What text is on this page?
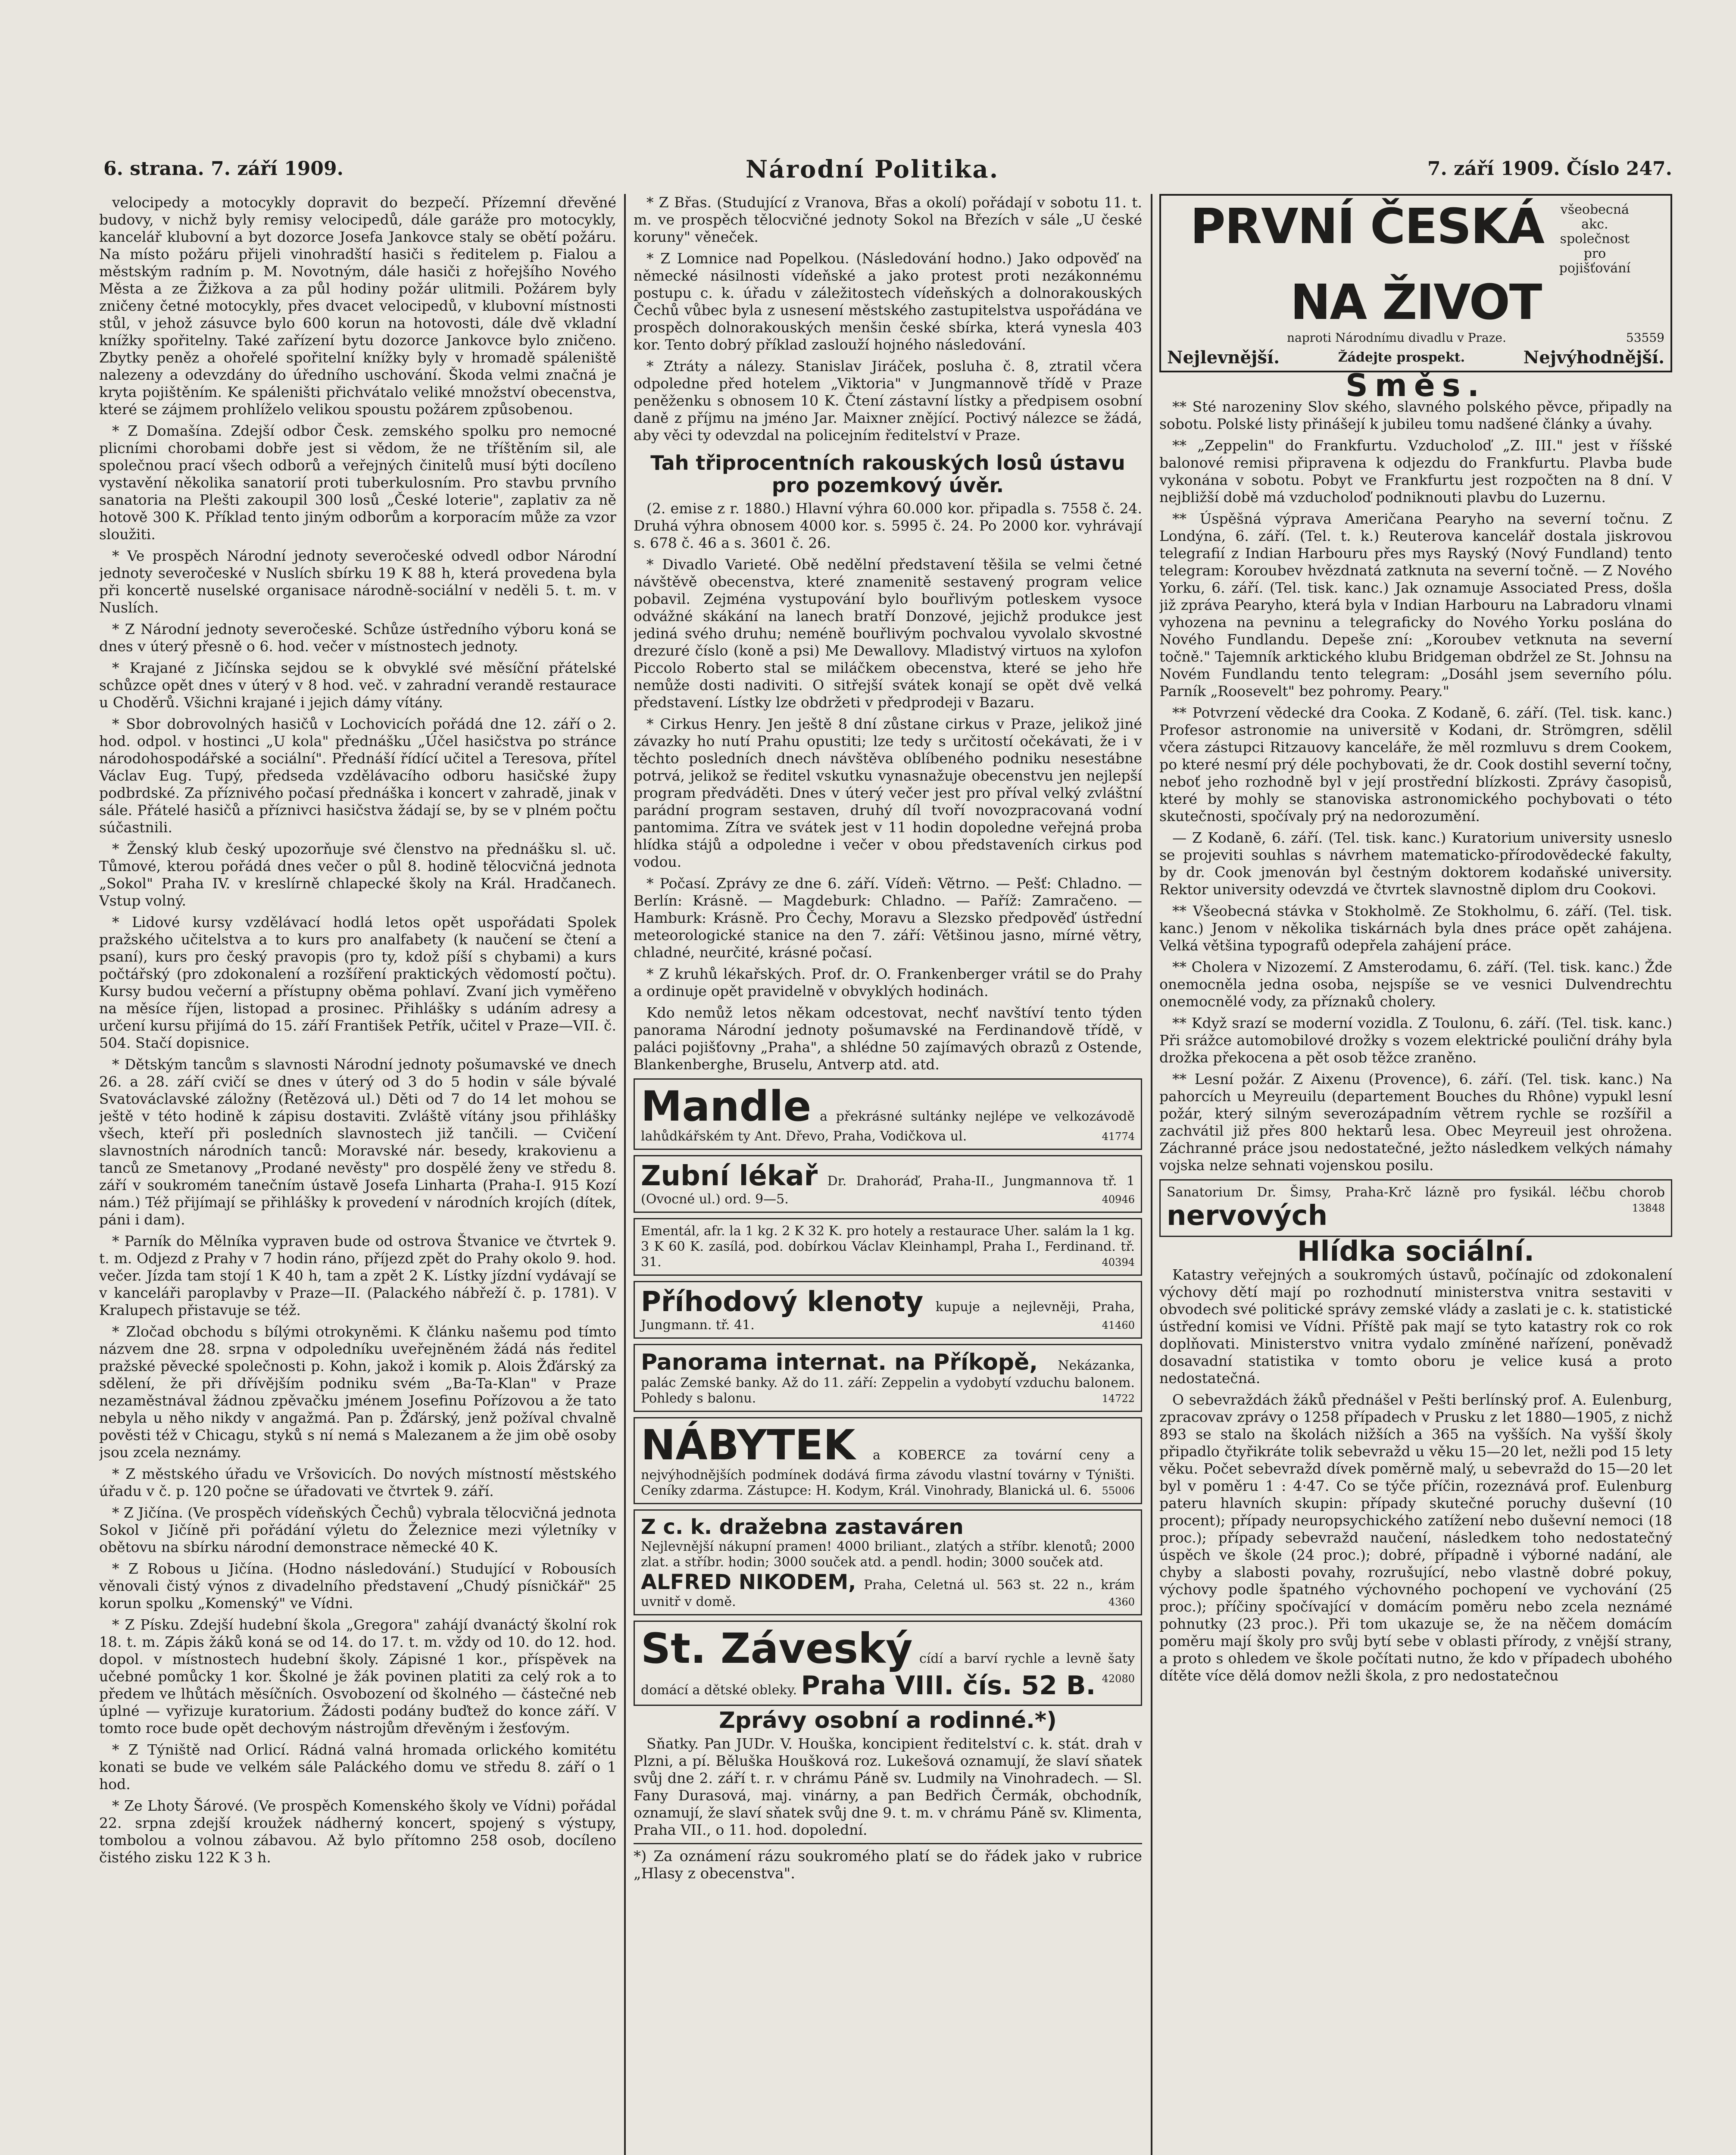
6. strana. 7. září 1909.	Národní Politika.	7. září 1909. Číslo 247.

velocipedy a motocykly dopravit do bezpečí. Přízemní dřevěné budovy, v nichž byly remisy velocipedů, dále garáže pro motocykly, kancelář klubovní a byt dozorce Josefa Jankovce staly se obětí požáru. Na místo požáru přijeli vinohradští hasiči s ředitelem p. Fialou a městským radním p. M. Novotným, dále hasiči z hořejšího Nového Města a ze Žižkova a za půl hodiny požár ulitmili. Požárem byly zničeny četné motocykly, přes dvacet velocipedů, v klubovní místnosti stůl, v jehož zásuvce bylo 600 korun na hotovosti, dále dvě vkladní knížky spořitelny. Také zařízení bytu dozorce Jankovce bylo zničeno. Zbytky peněz a ohořelé spořitelní knížky byly v hromadě spáleniště nalezeny a odevzdány do úředního uschování. Škoda velmi značná je kryta pojištěním. Ke spáleništi přichvátalo veliké množství obecenstva, které se zájmem prohlíželo velikou spoustu požárem způsobenou.

* Z Domašína. Zdejší odbor Česk. zemského spolku pro nemocné plicními chorobami dobře jest si vědom, že ne tříštěním sil, ale společnou prací všech odborů a veřejných činitelů musí býti docíleno vystavění několika sanatorií proti tuberkulosním. Pro stavbu prvního sanatoria na Plešti zakoupil 300 losů „České loterie", zaplativ za ně hotově 300 K. Příklad tento jiným odborům a korporacím může za vzor sloužiti.

* Ve prospěch Národní jednoty severočeské odvedl odbor Národní jednoty severočeské v Nuslích sbírku 19 K 88 h, která provedena byla při koncertě nuselské organisace národně-sociální v neděli 5. t. m. v Nuslích.

* Z Národní jednoty severočeské. Schůze ústředního výboru koná se dnes v úterý přesně o 6. hod. večer v místnostech jednoty.

* Krajané z Jičínska sejdou se k obvyklé své měsíční přátelské schůzce opět dnes v úterý v 8 hod. več. v zahradní verandě restaurace u Choděrů. Všichni krajané i jejich dámy vítány.

* Sbor dobrovolných hasičů v Lochovicích pořádá dne 12. září o 2. hod. odpol. v hostinci „U kola" přednášku „Účel hasičstva po stránce národohospodářské a sociální". Přednáší řídící učitel a Teresova, přítel Václav Eug. Tupý, předseda vzdělávacího odboru hasičské župy podbrdské. Za příznivého počasí přednáška i koncert v zahradě, jinak v sále. Přátelé hasičů a příznivci hasičstva žádají se, by se v plném počtu súčastnili.

* Ženský klub český upozorňuje své členstvo na přednášku sl. uč. Tůmové, kterou pořádá dnes večer o půl 8. hodině tělocvičná jednota „Sokol" Praha IV. v kreslírně chlapecké školy na Král. Hradčanech. Vstup volný.

* Lidové kursy vzdělávací hodlá letos opět uspořádati Spolek pražského učitelstva a to kurs pro analfabety (k naučení se čtení a psaní), kurs pro český pravopis (pro ty, kdož píší s chybami) a kurs počtářský (pro zdokonalení a rozšíření praktických vědomostí počtu). Kursy budou večerní a přístupny oběma pohlaví. Zvaní jich vyměřeno na měsíce říjen, listopad a prosinec. Přihlášky s udáním adresy a určení kursu přijímá do 15. září František Petřík, učitel v Praze—VII. č. 504. Stačí dopisnice.

* Dětským tancům s slavnosti Národní jednoty pošumavské ve dnech 26. a 28. září cvičí se dnes v úterý od 3 do 5 hodin v sále bývalé Svatováclavské záložny (Řetězová ul.) Děti od 7 do 14 let mohou se ještě v této hodině k zápisu dostaviti. Zvláště vítány jsou přihlášky všech, kteří při posledních slavnostech již tančili. — Cvičení slavnostních národních tanců: Moravské nár. besedy, krakovienu a tanců ze Smetanovy „Prodané nevěsty" pro dospělé ženy ve středu 8. září v soukromém tanečním ústavě Josefa Linharta (Praha-I. 915 Kozí nám.) Též přijímají se přihlášky k provedení v národních krojích (dítek, páni i dam).

* Parník do Mělníka vypraven bude od ostrova Štvanice ve čtvrtek 9. t. m. Odjezd z Prahy v 7 hodin ráno, příjezd zpět do Prahy okolo 9. hod. večer. Jízda tam stojí 1 K 40 h, tam a zpět 2 K. Lístky jízdní vydávají se v kanceláři paroplavby v Praze—II. (Palackého nábřeží č. p. 1781). V Kralupech přistavuje se též.

* Zločad obchodu s bílými otrokyněmi. K článku našemu pod tímto názvem dne 28. srpna v odpoledníku uveřejněném žádá nás ředitel pražské pěvecké společnosti p. Kohn, jakož i komik p. Alois Žďárský za sdělení, že při dřívějším podniku svém „Ba-Ta-Klan" v Praze nezaměstnával žádnou zpěvačku jménem Josefinu Pořízovou a že tato nebyla u něho nikdy v angažmá. Pan p. Žďárský, jenž požíval chvalně pověsti též v Chicagu, styků s ní nemá s Malezanem a že jim obě osoby jsou zcela neznámy.

* Z městského úřadu ve Vršovicích. Do nových místností městského úřadu v č. p. 120 počne se úřadovati ve čtvrtek 9. září.

* Z Jičína. (Ve prospěch vídeňských Čechů) vybrala tělocvičná jednota Sokol v Jičíně při pořádání výletu do Železnice mezi výletníky v obětovu na sbírku národní demonstrace německé 40 K.

* Z Robous u Jičína. (Hodno následování.) Studující v Robousích věnovali čistý výnos z divadelního představení „Chudý písničkář" 25 korun spolku „Komenský" ve Vídni.

* Z Písku. Zdejší hudební škola „Gregora" zahájí dvanáctý školní rok 18. t. m. Zápis žáků koná se od 14. do 17. t. m. vždy od 10. do 12. hod. dopol. v místnostech hudební školy. Zápisné 1 kor., příspěvek na učebné pomůcky 1 kor. Školné je žák povinen platiti za celý rok a to předem ve lhůtách měsíčních. Osvobození od školného — částečné neb úplné — vyřizuje kuratorium. Žádosti podány buďtež do konce září. V tomto roce bude opět dechovým nástrojům dřevěným i žesťovým.

* Z Týniště nad Orlicí. Rádná valná hromada orlického komitétu konati se bude ve velkém sále Paláckého domu ve středu 8. září o 1 hod.

* Ze Lhoty Šárové. (Ve prospěch Komenského školy ve Vídni) pořádal 22. srpna zdejší kroužek nádherný koncert, spojený s výstupy, tombolou a volnou zábavou. Až bylo přítomno 258 osob, docíleno čistého zisku 122 K 3 h.

* Z Břas. (Studující z Vranova, Břas a okolí) pořádají v sobotu 11. t. m. ve prospěch tělocvičné jednoty Sokol na Březích v sále „U české koruny" věneček.

* Z Lomnice nad Popelkou. (Následování hodno.) Jako odpověď na německé násilnosti vídeňské a jako protest proti nezákonnému postupu c. k. úřadu v záležitostech vídeňských a dolnorakouských Čechů vůbec byla z usnesení městského zastupitelstva uspořádána ve prospěch dolnorakouských menšin české sbírka, která vynesla 403 kor. Tento dobrý příklad zaslouží hojného následování.

* Ztráty a nálezy. Stanislav Jiráček, posluha č. 8, ztratil včera odpoledne před hotelem „Viktoria" v Jungmannově třídě v Praze peněženku s obnosem 10 K. Čtení zástavní lístky a předpisem osobní daně z příjmu na jméno Jar. Maixner znějící. Poctivý nálezce se žádá, aby věci ty odevzdal na policejním ředitelství v Praze.

Tah třiprocentních rakouských losů ústavu pro pozemkový úvěr.

(2. emise z r. 1880.) Hlavní výhra 60.000 kor. připadla s. 7558 č. 24. Druhá výhra obnosem 4000 kor. s. 5995 č. 24. Po 2000 kor. vyhrávají s. 678 č. 46 a s. 3601 č. 26.

* Divadlo Varieté. Obě nedělní představení těšila se velmi četné návštěvě obecenstva, které znamenitě sestavený program velice pobavil. Zejména vystupování bylo bouřlivým potleskem vysoce odvážné skákání na lanech bratří Donzové, jejichž produkce jest jediná svého druhu; neméně bouřlivým pochvalou vyvolalo skvostné drezuré číslo (koně a psi) Me Dewallovy. Mladistvý virtuos na xylofon Piccolo Roberto stal se miláčkem obecenstva, které se jeho hře nemůže dosti nadiviti. O sitřejší svátek konají se opět dvě velká představení. Lístky lze obdržeti v předprodeji v Bazaru.

* Cirkus Henry. Jen ještě 8 dní zůstane cirkus v Praze, jelikož jiné závazky ho nutí Prahu opustiti; lze tedy s určitostí očekávati, že i v těchto posledních dnech návštěva oblíbeného podniku nesestábne potrvá, jelikož se ředitel vskutku vynasnažuje obecenstvu jen nejlepší program předváděti. Dnes v úterý večer jest pro příval velký zvláštní parádní program sestaven, druhý díl tvoří novozpracovaná vodní pantomima. Zítra ve svátek jest v 11 hodin dopoledne veřejná proba hlídka stájů a odpoledne i večer v obou představeních cirkus pod vodou.

* Počasí. Zprávy ze dne 6. září. Vídeň: Větrno. — Pešť: Chladno. — Berlín: Krásně. — Magdeburk: Chladno. — Paříž: Zamračeno. — Hamburk: Krásně. Pro Čechy, Moravu a Slezsko předpověď ústřední meteorologické stanice na den 7. září: Většinou jasno, mírné větry, chladné, neurčité, krásné počasí.

* Z kruhů lékařských. Prof. dr. O. Frankenberger vrátil se do Prahy a ordinuje opět pravidelně v obvyklých hodinách.

Kdo nemůž letos někam odcestovat, nechť navštíví tento týden panorama Národní jednoty pošumavské na Ferdinandově třídě, v paláci pojišťovny „Praha", a shlédne 50 zajímavých obrazů z Ostende, Blankenberghe, Bruselu, Antverp atd. atd.

Mandle a překrásné sultánky nejlépe ve velkozávodě lahůdkářském ty Ant. Dřevo, Praha, Vodičkova ul.	41774
Zubní lékař Dr. Drahoráď, Praha-II., Jungmannova tř. 1 (Ovocné ul.) ord. 9—5.	40946
Ementál, afr. la 1 kg. 2 K 32 K. pro hotely a restaurace Uher. salám la 1 kg. 3 K 60 K. zasílá, pod. dobírkou Václav Kleinhampl, Praha I., Ferdinand. tř. 31.	40394
Příhodový klenoty kupuje a nejlevněji, Praha, Jungmann. tř. 41.	41460
Panorama internat. na Příkopě, Nekázanka, palác Zemské banky. Až do 11. září: Zeppelin a vydobytí vzduchu balonem. Pohledy s balonu.	14722
NÁBYTEK a KOBERCE za tovární ceny a nejvýhodnějších podmínek dodává firma závodu vlastní továrny v Týništi. Ceníky zdarma. Zástupce: H. Kodym, Král. Vinohrady, Blanická ul. 6. 55006
Z c. k. dražebna zastaváren
Nejlevnější nákupní pramen! 4000 briliant., zlatých a stříbr. klenotů; 2000 zlat. a stříbr. hodin; 3000 souček atd. a pendl. hodin; 3000 souček atd.
ALFRED NIKODEM, Praha, Celetná ul. 563 st. 22 n., krám uvnitř v domě.	4360
St. Záveský cídí a barví rychle a levně šaty domácí a dětské obleky. Praha VIII. čís. 52 B. 42080
Zprávy osobní a rodinné.*)

Sňatky. Pan JUDr. V. Houška, koncipient ředitelství c. k. stát. drah v Plzni, a pí. Běluška Houšková roz. Lukešová oznamují, že slaví sňatek svůj dne 2. září t. r. v chrámu Páně sv. Ludmily na Vinohradech. — Sl. Fany Durasová, maj. vinárny, a pan Bedřich Čermák, obchodník, oznamují, že slaví sňatek svůj dne 9. t. m. v chrámu Páně sv. Klimenta, Praha VII., o 11. hod. dopolední.

*) Za oznámení rázu soukromého platí se do řádek jako v rubrice „Hlasy z obecenstva".
PRVNÍ ČESKÁ všeobecná akc. společnost pro pojišťování NA ŽIVOT
naproti Národnímu divadlu v Praze.	53559
Nejlevnější.	Žádejte prospekt.	Nejvýhodnější.
Směs.

** Sté narozeniny Slov ského, slavného polského pěvce, připadly na sobotu. Polské listy přinášejí k jubileu tomu nadšené články a úvahy.

** „Zeppelin" do Frankfurtu. Vzducholoď „Z. III." jest v říšské balonové remisi připravena k odjezdu do Frankfurtu. Plavba bude vykonána v sobotu. Pobyt ve Frankfurtu jest rozpočten na 8 dní. V nejbližší době má vzducholoď podniknouti plavbu do Luzernu.

** Úspěšná výprava Američana Pearyho na severní točnu. Z Londýna, 6. září. (Tel. t. k.) Reuterova kancelář dostala jiskrovou telegrafií z Indian Harbouru přes mys Rayský (Nový Fundland) tento telegram: Koroubev hvězdnatá zatknuta na severní točně. — Z Nového Yorku, 6. září. (Tel. tisk. kanc.) Jak oznamuje Associated Press, došla již zpráva Pearyho, která byla v Indian Harbouru na Labradoru vlnami vyhozena na pevninu a telegraficky do Nového Yorku poslána do Nového Fundlandu. Depeše zní: „Koroubev vetknuta na severní točně." Tajemník arktického klubu Bridgeman obdržel ze St. Johnsu na Novém Fundlandu tento telegram: „Dosáhl jsem severního pólu. Parník „Roosevelt" bez pohromy. Peary."

** Potvrzení vědecké dra Cooka. Z Kodaně, 6. září. (Tel. tisk. kanc.) Profesor astronomie na universitě v Kodani, dr. Strömgren, sdělil včera zástupci Ritzauovy kanceláře, že měl rozmluvu s drem Cookem, po které nesmí prý déle pochybovati, že dr. Cook dostihl severní točny, neboť jeho rozhodně byl v její prostřední blízkosti. Zprávy časopisů, které by mohly se stanoviska astronomického pochybovati o této skutečnosti, spočívaly prý na nedorozumění.

— Z Kodaně, 6. září. (Tel. tisk. kanc.) Kuratorium university usneslo se projeviti souhlas s návrhem matematicko-přírodovědecké fakulty, by dr. Cook jmenován byl čestným doktorem kodaňské university. Rektor university odevzdá ve čtvrtek slavnostně diplom dru Cookovi.

** Všeobecná stávka v Stokholmě. Ze Stokholmu, 6. září. (Tel. tisk. kanc.) Jenom v několika tiskárnách byla dnes práce opět zahájena. Velká většina typografů odepřela zahájení práce.

** Cholera v Nizozemí. Z Amsterodamu, 6. září. (Tel. tisk. kanc.) Žde onemocněla jedna osoba, nejspíše se ve vesnici Dulvendrechtu onemocnělé vody, za příznaků cholery.

** Když srazí se moderní vozidla. Z Toulonu, 6. září. (Tel. tisk. kanc.) Při srážce automobilové drožky s vozem elektrické pouliční dráhy byla drožka překocena a pět osob těžce zraněno.

** Lesní požár. Z Aixenu (Provence), 6. září. (Tel. tisk. kanc.) Na pahorcích u Meyreuilu (departement Bouches du Rhône) vypukl lesní požár, který silným severozápadním větrem rychle se rozšířil a zachvátil již přes 800 hektarů lesa. Obec Meyreuil jest ohrožena. Záchranné práce jsou nedostatečné, ježto následkem velkých námahy vojska nelze sehnati vojenskou posilu.

Sanatorium Dr. Šimsy, Praha-Krč lázně pro fysikál. léčbu chorob nervových	13848
Hlídka sociální.

Katastry veřejných a soukromých ústavů, počínajíc od zdokonalení výchovy dětí mají po rozhodnutí ministerstva vnitra sestaviti v obvodech své politické správy zemské vlády a zaslati je c. k. statistické ústřední komisi ve Vídni. Příště pak mají se tyto katastry rok co rok doplňovati. Ministerstvo vnitra vydalo zmíněné nařízení, poněvadž dosavadní statistika v tomto oboru je velice kusá a proto nedostatečná.

O sebevraždách žáků přednášel v Pešti berlínský prof. A. Eulenburg, zpracovav zprávy o 1258 případech v Prusku z let 1880—1905, z nichž 893 se stalo na školách nižších a 365 na vyšších. Na vyšší školy připadlo čtyřikráte tolik sebevražd u věku 15—20 let, nežli pod 15 lety věku. Počet sebevražd dívek poměrně malý, u sebevražd do 15—20 let byl v poměru 1 : 4·47. Co se týče příčin, rozeznává prof. Eulenburg pateru hlavních skupin: případy skutečné poruchy duševní (10 procent); případy neuropsychického zatížení nebo duševní nemoci (18 proc.); případy sebevražd naučení, následkem toho nedostatečný úspěch ve škole (24 proc.); dobré, případně i výborné nadání, ale chyby a slabosti povahy, rozrušující, nebo vlastně dobré pokuy, výchovy podle špatného výchovného pochopení ve vychování (25 proc.); příčiny spočívající v domácím poměru nebo zcela neznámé pohnutky (23 proc.). Při tom ukazuje se, že na něčem domácím poměru mají školy pro svůj bytí sebe v oblasti přírody, z vnější strany, a proto s ohledem ve škole počítati nutno, že kdo v případech ubohého dítěte více dělá domov nežli škola, z pro nedostatečnou
